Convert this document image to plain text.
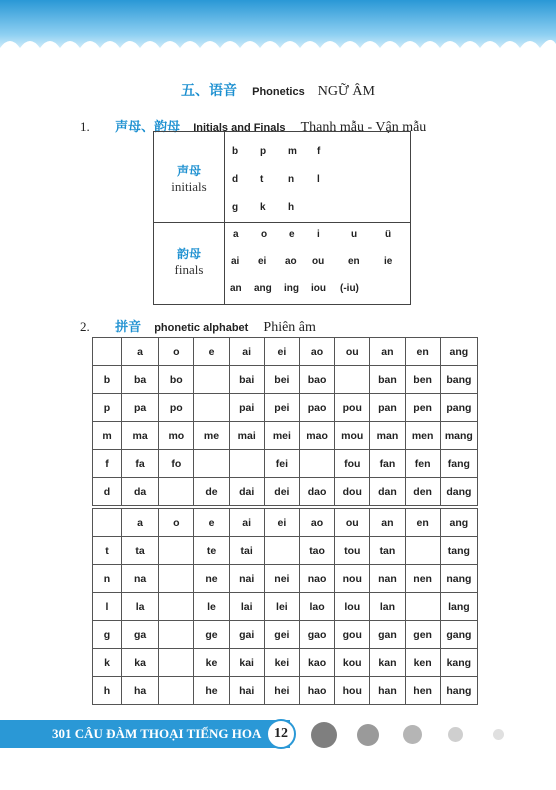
五、语音 Phonetics NGỮ ÂM
1. 声母、韵母 Initials and Finals Thanh mẫu - Vận mẫu
声母
initials
b p m f
d t n l
g k h
韵母
finals
a o e i	u	ü
ai ei ao ou en ie
an ang ing iou (-iu)
2. 拼音 phonetic alphabet Phiên âm
	a	o	e	ai	ei	ao	ou	an	en	ang
b	ba	bo		bai	bei	bao		ban	ben	bang
p	pa	po		pai	pei	pao	pou	pan	pen	pang
m	ma	mo	me	mai	mei	mao	mou	man	men	mang
f	fa	fo			fei		fou	fan	fen	fang
d	da		de	dai	dei	dao	dou	dan	den	dang
	a	o	e	ai	ei	ao	ou	an	en	ang
t	ta		te	tai		tao	tou	tan		tang
n	na		ne	nai	nei	nao	nou	nan	nen	nang
l	la		le	lai	lei	lao	lou	lan		lang
g	ga		ge	gai	gei	gao	gou	gan	gen	gang
k	ka		ke	kai	kei	kao	kou	kan	ken	kang
h	ha		he	hai	hei	hao	hou	han	hen	hang
301 CÂU ĐÀM THOẠI TIẾNG HOA 12
